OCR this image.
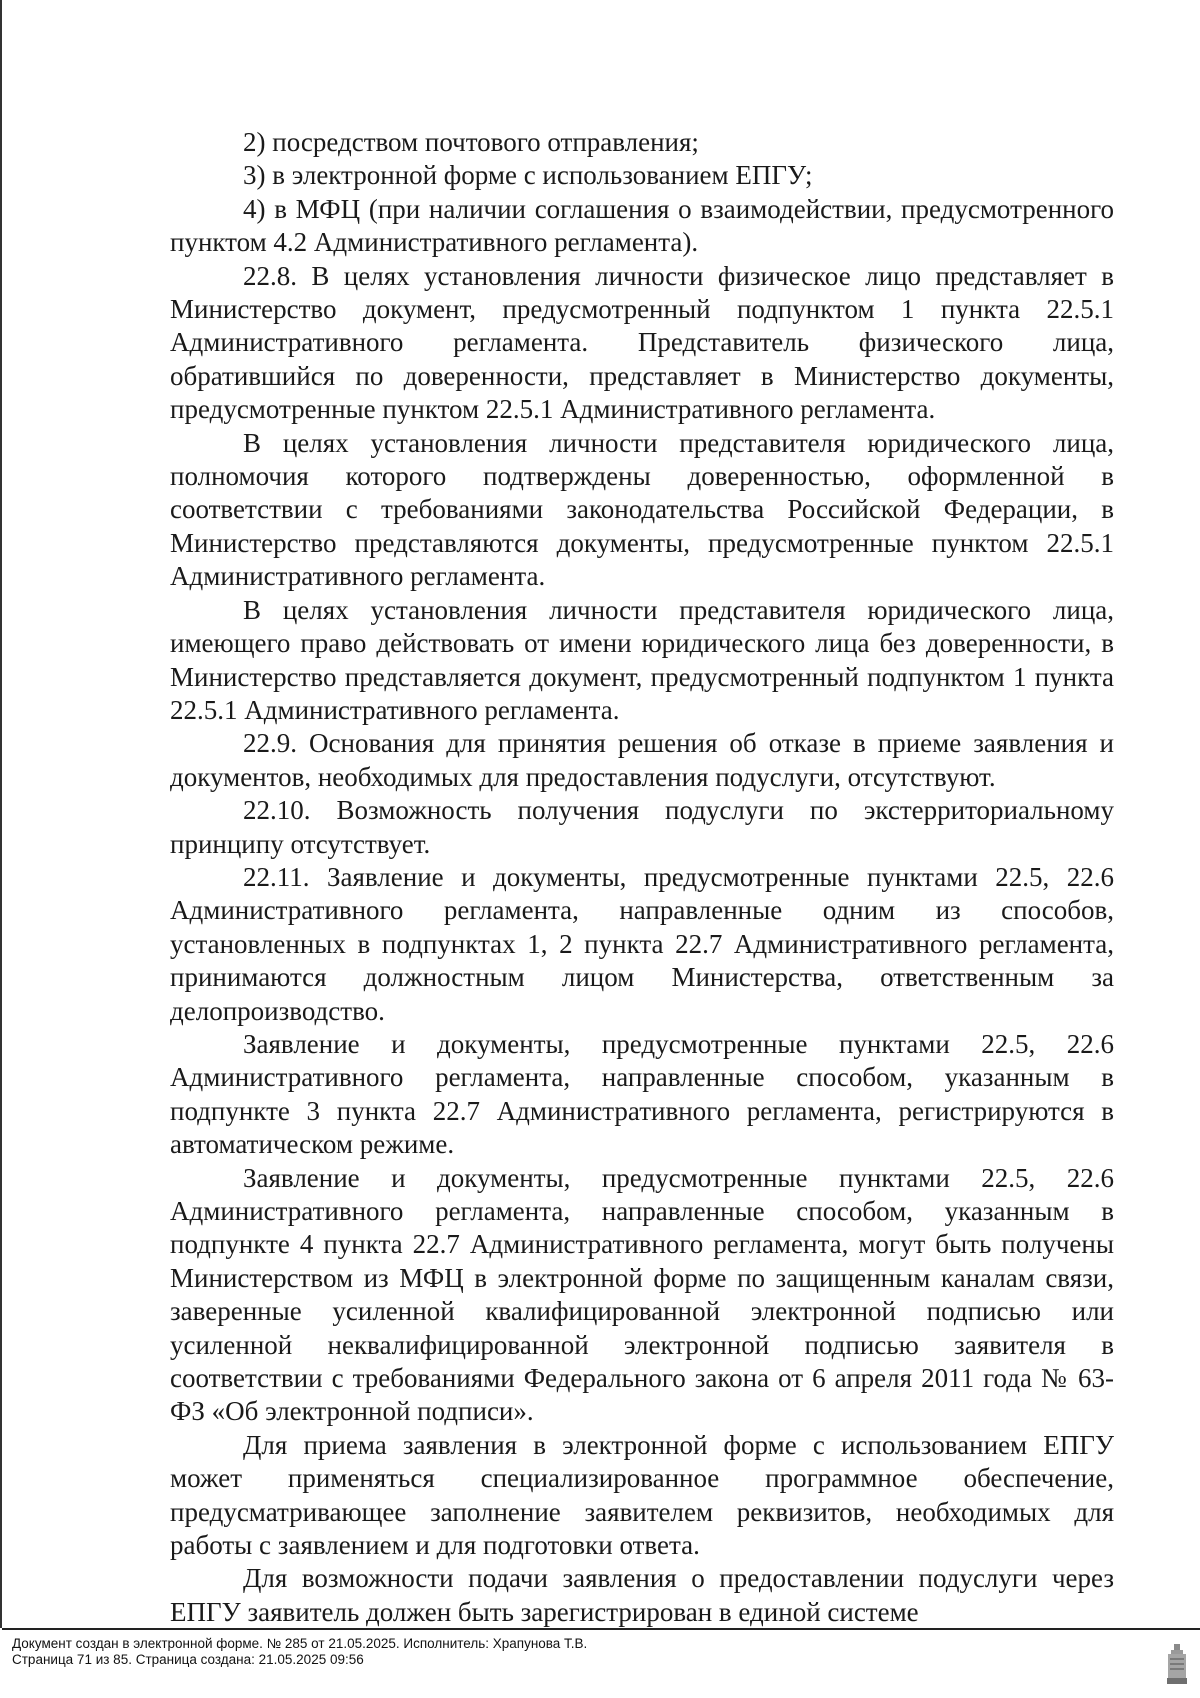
2) посредством почтового отправления;

3) в электронной форме с использованием ЕПГУ;

4) в МФЦ (при наличии соглашения о взаимодействии, предусмотренного пунктом 4.2 Административного регламента).

22.8. В целях установления личности физическое лицо представляет в Министерство документ, предусмотренный подпунктом 1 пункта 22.5.1 Административного регламента. Представитель физического лица, обратившийся по доверенности, представляет в Министерство документы, предусмотренные пунктом 22.5.1 Административного регламента.

В целях установления личности представителя юридического лица, полномочия которого подтверждены доверенностью, оформленной в соответствии с требованиями законодательства Российской Федерации, в Министерство представляются документы, предусмотренные пунктом 22.5.1 Административного регламента.

В целях установления личности представителя юридического лица, имеющего право действовать от имени юридического лица без доверенности, в Министерство представляется документ, предусмотренный подпунктом 1 пункта 22.5.1 Административного регламента.

22.9. Основания для принятия решения об отказе в приеме заявления и документов, необходимых для предоставления подуслуги, отсутствуют.

22.10. Возможность получения подуслуги по экстерриториальному принципу отсутствует.

22.11. Заявление и документы, предусмотренные пунктами 22.5, 22.6 Административного регламента, направленные одним из способов, установленных в подпунктах 1, 2 пункта 22.7 Административного регламента, принимаются должностным лицом Министерства, ответственным за делопроизводство.

Заявление и документы, предусмотренные пунктами 22.5, 22.6 Административного регламента, направленные способом, указанным в подпункте 3 пункта 22.7 Административного регламента, регистрируются в автоматическом режиме.

Заявление и документы, предусмотренные пунктами 22.5, 22.6 Административного регламента, направленные способом, указанным в подпункте 4 пункта 22.7 Административного регламента, могут быть получены Министерством из МФЦ в электронной форме по защищенным каналам связи, заверенные усиленной квалифицированной электронной подписью или усиленной неквалифицированной электронной подписью заявителя в соответствии с требованиями Федерального закона от 6 апреля 2011 года № 63-ФЗ «Об электронной подписи».

Для приема заявления в электронной форме с использованием ЕПГУ может применяться специализированное программное обеспечение, предусматривающее заполнение заявителем реквизитов, необходимых для работы с заявлением и для подготовки ответа.

Для возможности подачи заявления о предоставлении подуслуги через ЕПГУ заявитель должен быть зарегистрирован в единой системе

Документ создан в электронной форме. № 285 от 21.05.2025. Исполнитель: Храпунова Т.В.
Страница 71 из 85. Страница создана: 21.05.2025 09:56
